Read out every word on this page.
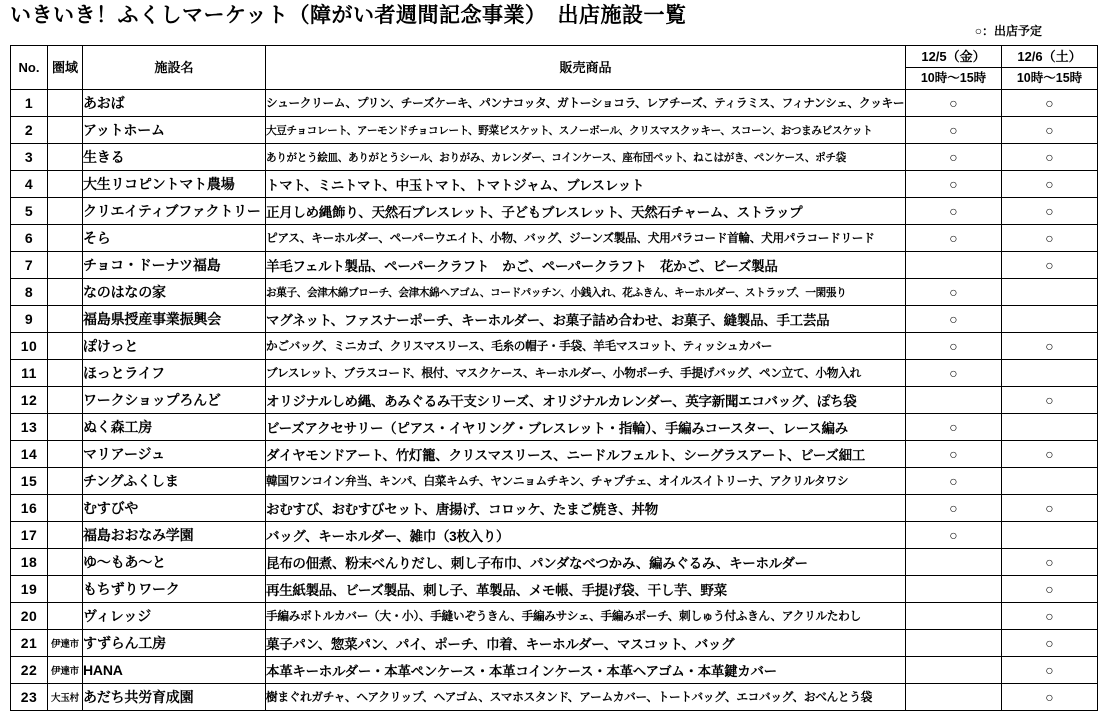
いきいき！ふくしマーケット（障がい者週間記念事業）　出店施設一覧
○：出店予定
No.	圏域	施設名	販売商品	12/5（金）	12/6（土）
				10時～15時	10時～15時
1		あおば	シュークリーム、プリン、チーズケーキ、パンナコッタ、ガトーショコラ、レアチーズ、ティラミス、フィナンシェ、クッキー	○	○
2		アットホーム	大豆チョコレート、アーモンドチョコレート、野菜ビスケット、スノーボール、クリスマスクッキー、スコーン、おつまみビスケット	○	○
3		生きる	ありがとう絵皿、ありがとうシール、おりがみ、カレンダー、コインケース、座布団ペット、ねこはがき、ペンケース、ポチ袋	○	○
4		大生リコピントマト農場	トマト、ミニトマト、中玉トマト、トマトジャム、ブレスレット	○	○
5		クリエイティブファクトリー	正月しめ縄飾り、天然石ブレスレット、子どもブレスレット、天然石チャーム、ストラップ	○	○
6		そら	ピアス、キーホルダー、ペーパーウエイト、小物、バッグ、ジーンズ製品、犬用パラコード首輪、犬用パラコードリード	○	○
7		チョコ・ドーナツ福島	羊毛フェルト製品、ペーパークラフト　かご、ペーパークラフト　花かご、ビーズ製品		○
8		なのはなの家	お菓子、会津木綿ブローチ、会津木綿ヘアゴム、コードパッチン、小銭入れ、花ふきん、キーホルダー、ストラップ、一閑張り	○	
9		福島県授産事業振興会	マグネット、ファスナーポーチ、キーホルダー、お菓子詰め合わせ、お菓子、縫製品、手工芸品	○	
10		ぽけっと	かごバッグ、ミニカゴ、クリスマスリース、毛糸の帽子・手袋、羊毛マスコット、ティッシュカバー	○	○
11		ほっとライフ	ブレスレット、ブラスコード、根付、マスクケース、キーホルダー、小物ポーチ、手提げバッグ、ペン立て、小物入れ	○	
12		ワークショップろんど	オリジナルしめ縄、あみぐるみ干支シリーズ、オリジナルカレンダー、英字新聞エコバッグ、ぽち袋		○
13		ぬく森工房	ビーズアクセサリー（ピアス・イヤリング・ブレスレット・指輪）、手編みコースター、レース編み	○	
14		マリアージュ	ダイヤモンドアート、竹灯籠、クリスマスリース、ニードルフェルト、シーグラスアート、ビーズ細工	○	○
15		チングふくしま	韓国ワンコイン弁当、キンパ、白菜キムチ、ヤンニョムチキン、チャプチェ、オイルスイトリーナ、アクリルタワシ	○	
16		むすびや	おむすび、おむすびセット、唐揚げ、コロッケ、たまご焼き、丼物	○	○
17		福島おおなみ学園	バッグ、キーホルダー、雑巾（3枚入り）	○	
18		ゆ～もあ～と	昆布の佃煮、粉末べんりだし、刺し子布巾、パンダなべつかみ、編みぐるみ、キーホルダー		○
19		もちずりワーク	再生紙製品、ビーズ製品、刺し子、革製品、メモ帳、手提げ袋、干し芋、野菜		○
20		ヴィレッジ	手編みボトルカバー（大・小）、手縫いぞうきん、手編みサシェ、手編みポーチ、刺しゅう付ふきん、アクリルたわし		○
21	伊達市	すずらん工房	菓子パン、惣菜パン、パイ、ポーチ、巾着、キーホルダー、マスコット、バッグ		○
22	伊達市	HANA	本革キーホルダー・本革ペンケース・本革コインケース・本革ヘアゴム・本革鍵カバー		○
23	大玉村	あだち共労育成園	樹まぐれガチャ、ヘアクリップ、ヘアゴム、スマホスタンド、アームカバー、トートバッグ、エコバッグ、おべんとう袋		○
